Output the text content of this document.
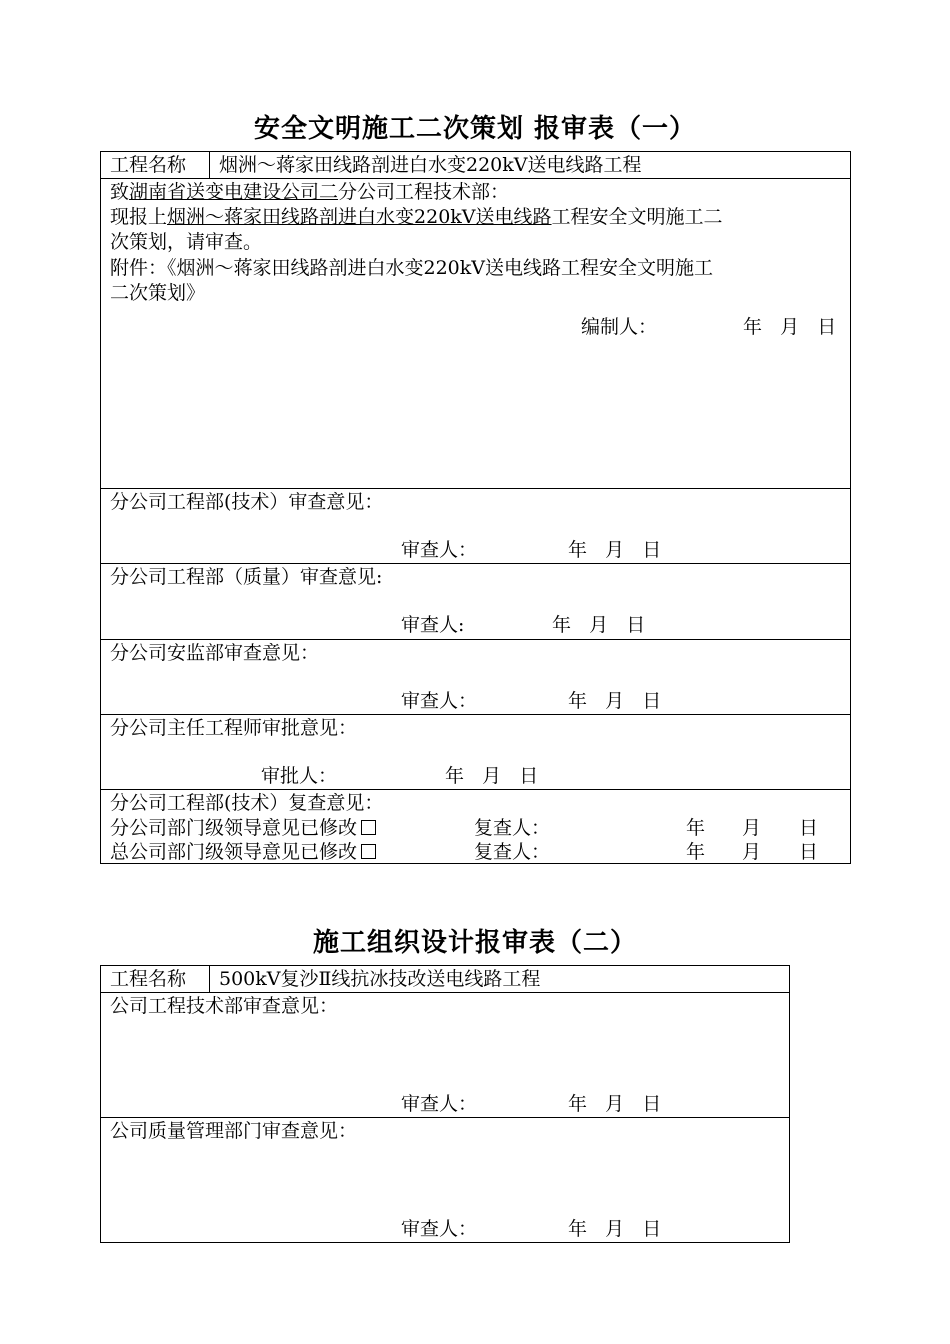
安全文明施工二次策划 报审表（一）
工程名称 烟洲～蒋家田线路剖进白水变220kV送电线路工程
致湖南省送变电建设公司二分公司工程技术部：
现报上烟洲～蒋家田线路剖进白水变220kV送电线路工程安全文明施工二
次策划，请审查。
附件：《烟洲～蒋家田线路剖进白水变220kV送电线路工程安全文明施工
二次策划》
编制人：	年   月   日
分公司工程部(技术）审查意见：
审查人：	年   月   日
分公司工程部（质量）审查意见:
审查人:	年   月   日
分公司安监部审查意见：
审查人：	年   月   日
分公司主任工程师审批意见：
审批人：	年   月   日
分公司工程部(技术）复查意见：
分公司部门级领导意见已修改	复查人：	年 月 日
总公司部门级领导意见已修改	复查人：	年 月 日
施工组织设计报审表（二）
工程名称 500kV复沙Ⅱ线抗冰技改送电线路工程
公司工程技术部审查意见：
审查人：	年   月   日
公司质量管理部门审查意见：
审查人：	年   月   日
